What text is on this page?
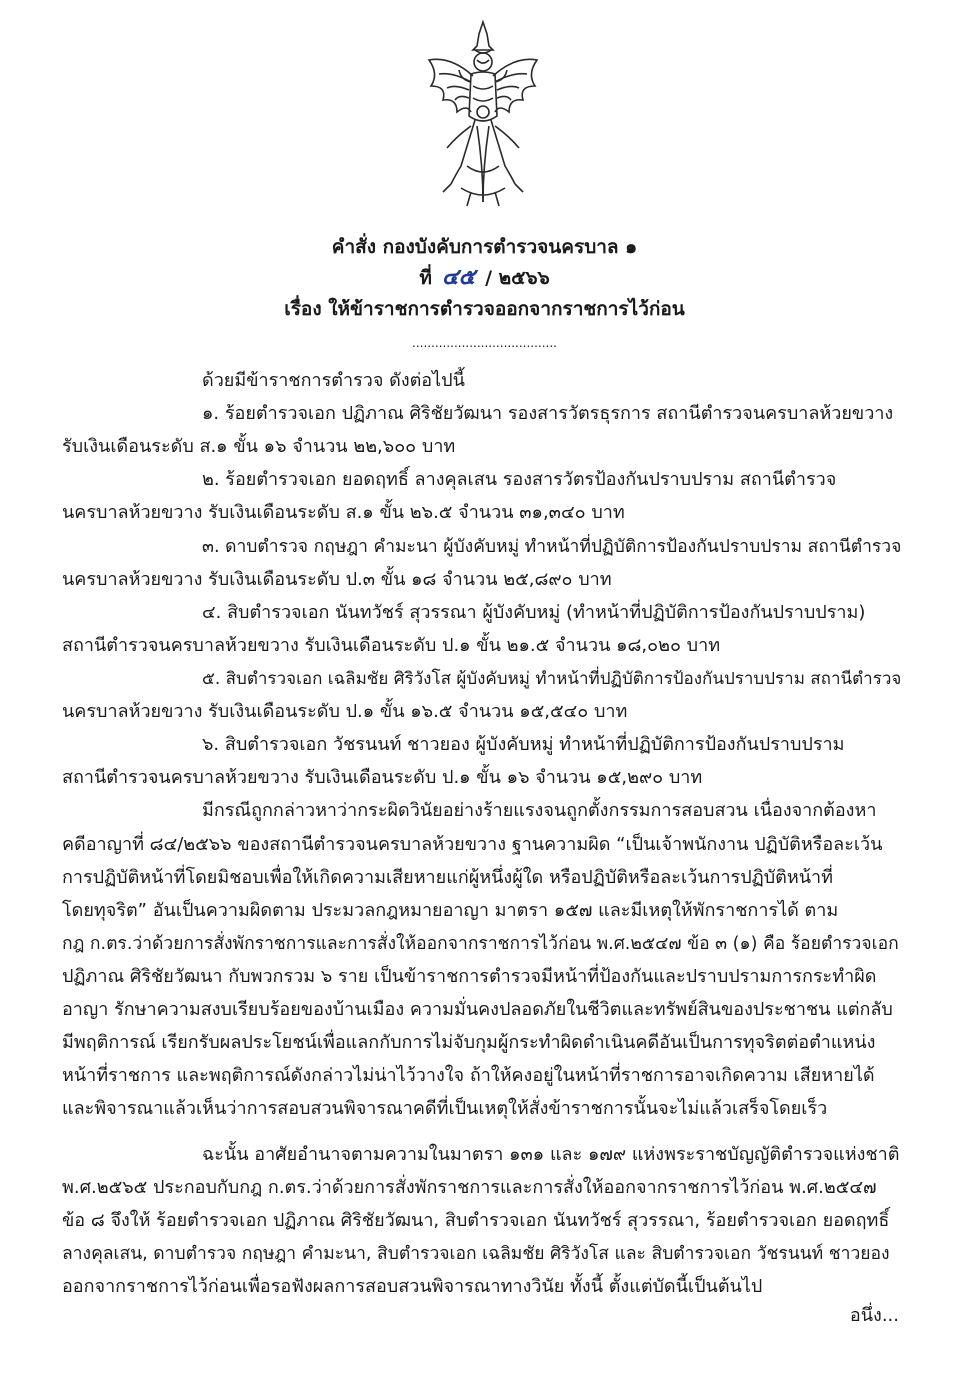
คำสั่ง กองบังคับการตำรวจนครบาล ๑
ที่ ๔๕ / ๒๕๖๖
เรื่อง ให้ข้าราชการตำรวจออกจากราชการไว้ก่อน
......................................
ด้วยมีข้าราชการตำรวจ ดังต่อไปนี้
๑. ร้อยตำรวจเอก ปฏิภาณ ศิริชัยวัฒนา รองสารวัตรธุรการ สถานีตำรวจนครบาลห้วยขวาง
รับเงินเดือนระดับ ส.๑ ขั้น ๑๖ จำนวน ๒๒,๖๐๐ บาท
๒. ร้อยตำรวจเอก ยอดฤทธิ์ ลางคุลเสน รองสารวัตรป้องกันปราบปราม สถานีตำรวจ
นครบาลห้วยขวาง รับเงินเดือนระดับ ส.๑ ขั้น ๒๖.๕ จำนวน ๓๑,๓๔๐ บาท
๓. ดาบตำรวจ กฤษฎา คำมะนา ผู้บังคับหมู่ ทำหน้าที่ปฏิบัติการป้องกันปราบปราม สถานีตำรวจ
นครบาลห้วยขวาง รับเงินเดือนระดับ ป.๓ ขั้น ๑๘ จำนวน ๒๕,๘๙๐ บาท
๔. สิบตำรวจเอก นันทวัชร์ สุวรรณา ผู้บังคับหมู่ (ทำหน้าที่ปฏิบัติการป้องกันปราบปราม)
สถานีตำรวจนครบาลห้วยขวาง รับเงินเดือนระดับ ป.๑ ขั้น ๒๑.๕ จำนวน ๑๘,๐๒๐ บาท
๕. สิบตำรวจเอก เฉลิมชัย ศิริวังโส ผู้บังคับหมู่ ทำหน้าที่ปฏิบัติการป้องกันปราบปราม สถานีตำรวจ
นครบาลห้วยขวาง รับเงินเดือนระดับ ป.๑ ขั้น ๑๖.๕ จำนวน ๑๕,๕๔๐ บาท
๖. สิบตำรวจเอก วัชรนนท์ ชาวยอง ผู้บังคับหมู่ ทำหน้าที่ปฏิบัติการป้องกันปราบปราม
สถานีตำรวจนครบาลห้วยขวาง รับเงินเดือนระดับ ป.๑ ขั้น ๑๖ จำนวน ๑๕,๒๙๐ บาท
มีกรณีถูกกล่าวหาว่ากระผิดวินัยอย่างร้ายแรงจนถูกตั้งกรรมการสอบสวน เนื่องจากต้องหา
คดีอาญาที่ ๘๔/๒๕๖๖ ของสถานีตำรวจนครบาลห้วยขวาง ฐานความผิด “เป็นเจ้าพนักงาน ปฏิบัติหรือละเว้น
การปฏิบัติหน้าที่โดยมิชอบเพื่อให้เกิดความเสียหายแก่ผู้หนึ่งผู้ใด หรือปฏิบัติหรือละเว้นการปฏิบัติหน้าที่
โดยทุจริต” อันเป็นความผิดตาม ประมวลกฎหมายอาญา มาตรา ๑๕๗ และมีเหตุให้พักราชการได้ ตาม
กฎ ก.ตร.ว่าด้วยการสั่งพักราชการและการสั่งให้ออกจากราชการไว้ก่อน พ.ศ.๒๕๔๗ ข้อ ๓ (๑) คือ ร้อยตำรวจเอก
ปฏิภาณ ศิริชัยวัฒนา กับพวกรวม ๖ ราย เป็นข้าราชการตำรวจมีหน้าที่ป้องกันและปราบปรามการกระทำผิด
อาญา รักษาความสงบเรียบร้อยของบ้านเมือง ความมั่นคงปลอดภัยในชีวิตและทรัพย์สินของประชาชน แต่กลับ
มีพฤติการณ์ เรียกรับผลประโยชน์เพื่อแลกกับการไม่จับกุมผู้กระทำผิดดำเนินคดีอันเป็นการทุจริตต่อตำแหน่ง
หน้าที่ราชการ และพฤติการณ์ดังกล่าวไม่น่าไว้วางใจ ถ้าให้คงอยู่ในหน้าที่ราชการอาจเกิดความ เสียหายได้
และพิจารณาแล้วเห็นว่าการสอบสวนพิจารณาคดีที่เป็นเหตุให้สั่งข้าราชการนั้นจะไม่แล้วเสร็จโดยเร็ว
ฉะนั้น อาศัยอำนาจตามความในมาตรา ๑๓๑ และ ๑๗๙ แห่งพระราชบัญญัติตำรวจแห่งชาติ
พ.ศ.๒๕๖๕ ประกอบกับกฎ ก.ตร.ว่าด้วยการสั่งพักราชการและการสั่งให้ออกจากราชการไว้ก่อน พ.ศ.๒๕๔๗
ข้อ ๘ จึงให้ ร้อยตำรวจเอก ปฏิภาณ ศิริชัยวัฒนา, สิบตำรวจเอก นันทวัชร์ สุวรรณา, ร้อยตำรวจเอก ยอดฤทธิ์
ลางคุลเสน, ดาบตำรวจ กฤษฎา คำมะนา, สิบตำรวจเอก เฉลิมชัย ศิริวังโส และ สิบตำรวจเอก วัชรนนท์ ชาวยอง
ออกจากราชการไว้ก่อนเพื่อรอฟังผลการสอบสวนพิจารณาทางวินัย ทั้งนี้ ตั้งแต่บัดนี้เป็นต้นไป
อนึ่ง...
